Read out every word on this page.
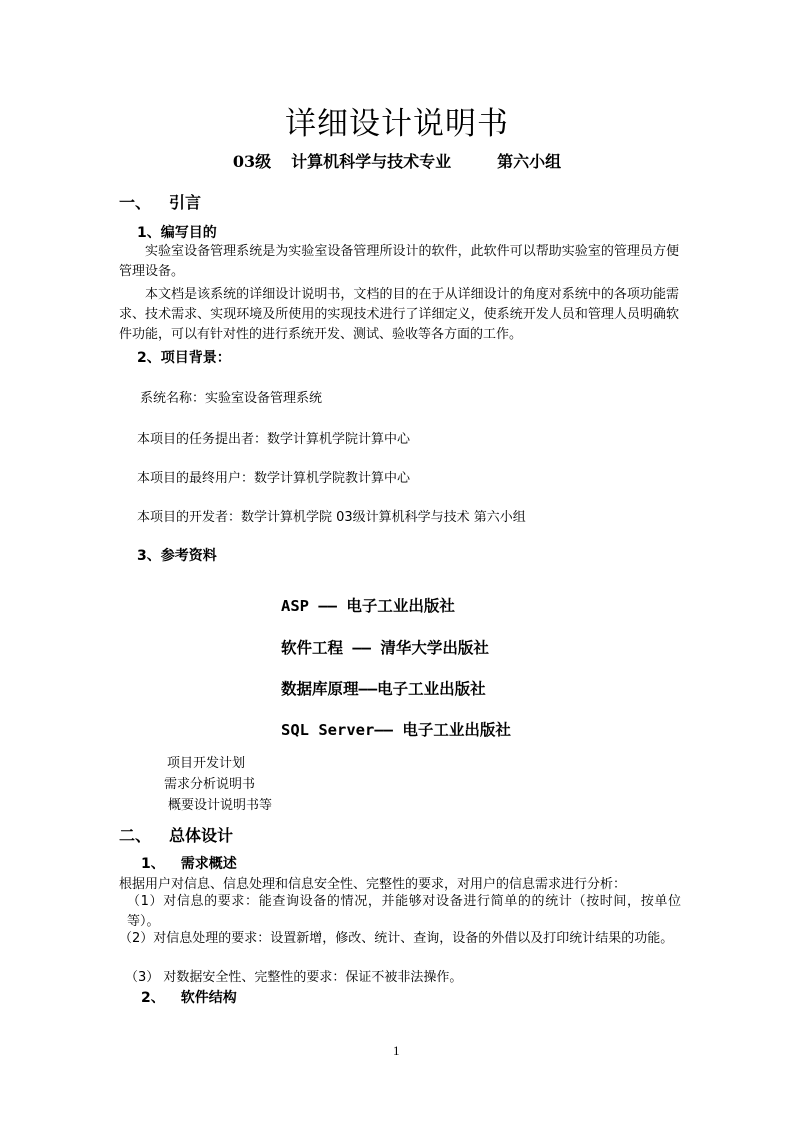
详细设计说明书
03级 计算机科学与技术专业	第六小组
一、 引言
1、编写目的
实验室设备管理系统是为实验室设备管理所设计的软件，此软件可以帮助实验室的管理员方便管理设备。
本文档是该系统的详细设计说明书，文档的目的在于从详细设计的角度对系统中的各项功能需求、技术需求、实现环境及所使用的实现技术进行了详细定义，使系统开发人员和管理人员明确软件功能，可以有针对性的进行系统开发、测试、验收等各方面的工作。
2、项目背景：
系统名称：实验室设备管理系统
本项目的任务提出者：数学计算机学院计算中心
本项目的最终用户：数学计算机学院教计算中心
本项目的开发者：数学计算机学院 03级计算机科学与技术 第六小组
3、参考资料
ASP —— 电子工业出版社
软件工程 —— 清华大学出版社
数据库原理——电子工业出版社
SQL Server—— 电子工业出版社
项目开发计划
需求分析说明书
概要设计说明书等
二、 总体设计
1、 需求概述
根据用户对信息、信息处理和信息安全性、完整性的要求，对用户的信息需求进行分析：
（1）对信息的要求：能查询设备的情况，并能够对设备进行简单的的统计（按时间，按单位等）。
（2）对信息处理的要求：设置新增，修改、统计、查询，设备的外借以及打印统计结果的功能。
（3） 对数据安全性、完整性的要求：保证不被非法操作。
2、 软件结构
1
